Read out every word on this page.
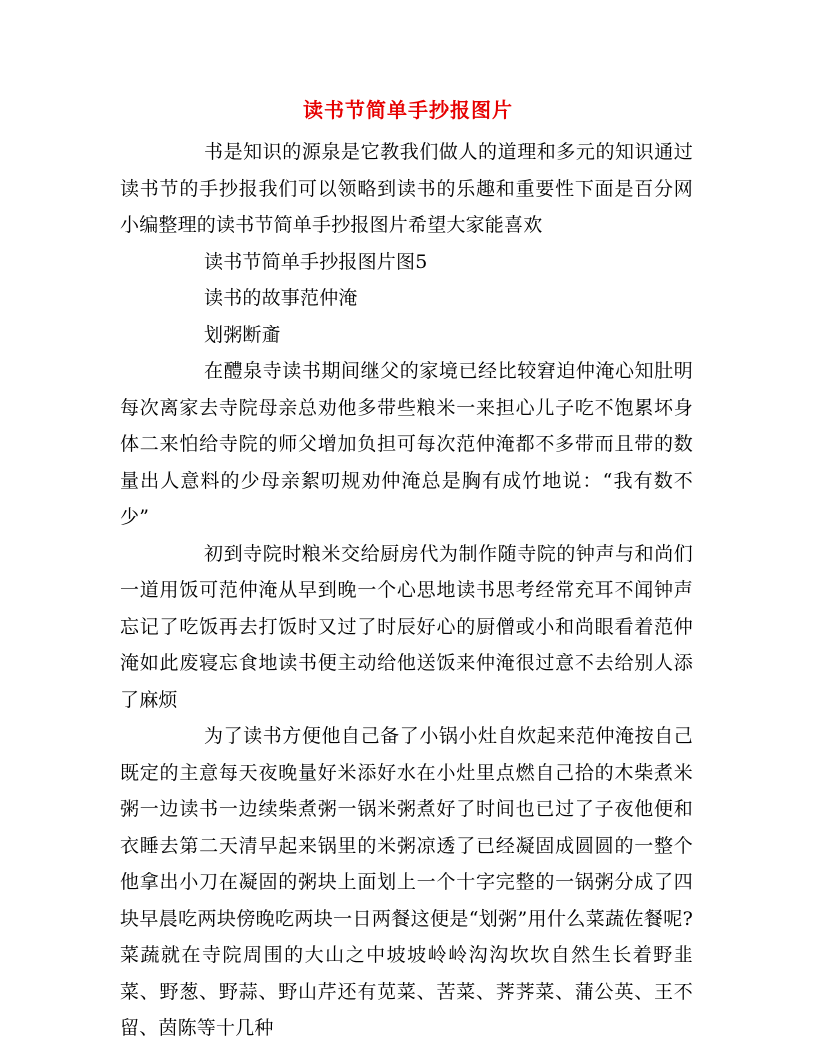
读书节简单手抄报图片

书是知识的源泉是它教我们做人的道理和多元的知识通过读书节的手抄报我们可以领略到读书的乐趣和重要性下面是百分网小编整理的读书节简单手抄报图片希望大家能喜欢

读书节简单手抄报图片图5

读书的故事范仲淹

划粥断齑

在醴泉寺读书期间继父的家境已经比较窘迫仲淹心知肚明每次离家去寺院母亲总劝他多带些粮米一来担心儿子吃不饱累坏身体二来怕给寺院的师父增加负担可每次范仲淹都不多带而且带的数量出人意料的少母亲絮叨规劝仲淹总是胸有成竹地说：“我有数不少”

初到寺院时粮米交给厨房代为制作随寺院的钟声与和尚们一道用饭可范仲淹从早到晚一个心思地读书思考经常充耳不闻钟声忘记了吃饭再去打饭时又过了时辰好心的厨僧或小和尚眼看着范仲淹如此废寝忘食地读书便主动给他送饭来仲淹很过意不去给别人添了麻烦

为了读书方便他自己备了小锅小灶自炊起来范仲淹按自己既定的主意每天夜晚量好米添好水在小灶里点燃自己拾的木柴煮米粥一边读书一边续柴煮粥一锅米粥煮好了时间也已过了子夜他便和衣睡去第二天清早起来锅里的米粥凉透了已经凝固成圆圆的一整个他拿出小刀在凝固的粥块上面划上一个十字完整的一锅粥分成了四块早晨吃两块傍晚吃两块一日两餐这便是“划粥”用什么菜蔬佐餐呢?菜蔬就在寺院周围的大山之中坡坡岭岭沟沟坎坎自然生长着野韭菜、野葱、野蒜、野山芹还有苋菜、苦菜、荠荠菜、蒲公英、王不留、茵陈等十几种
